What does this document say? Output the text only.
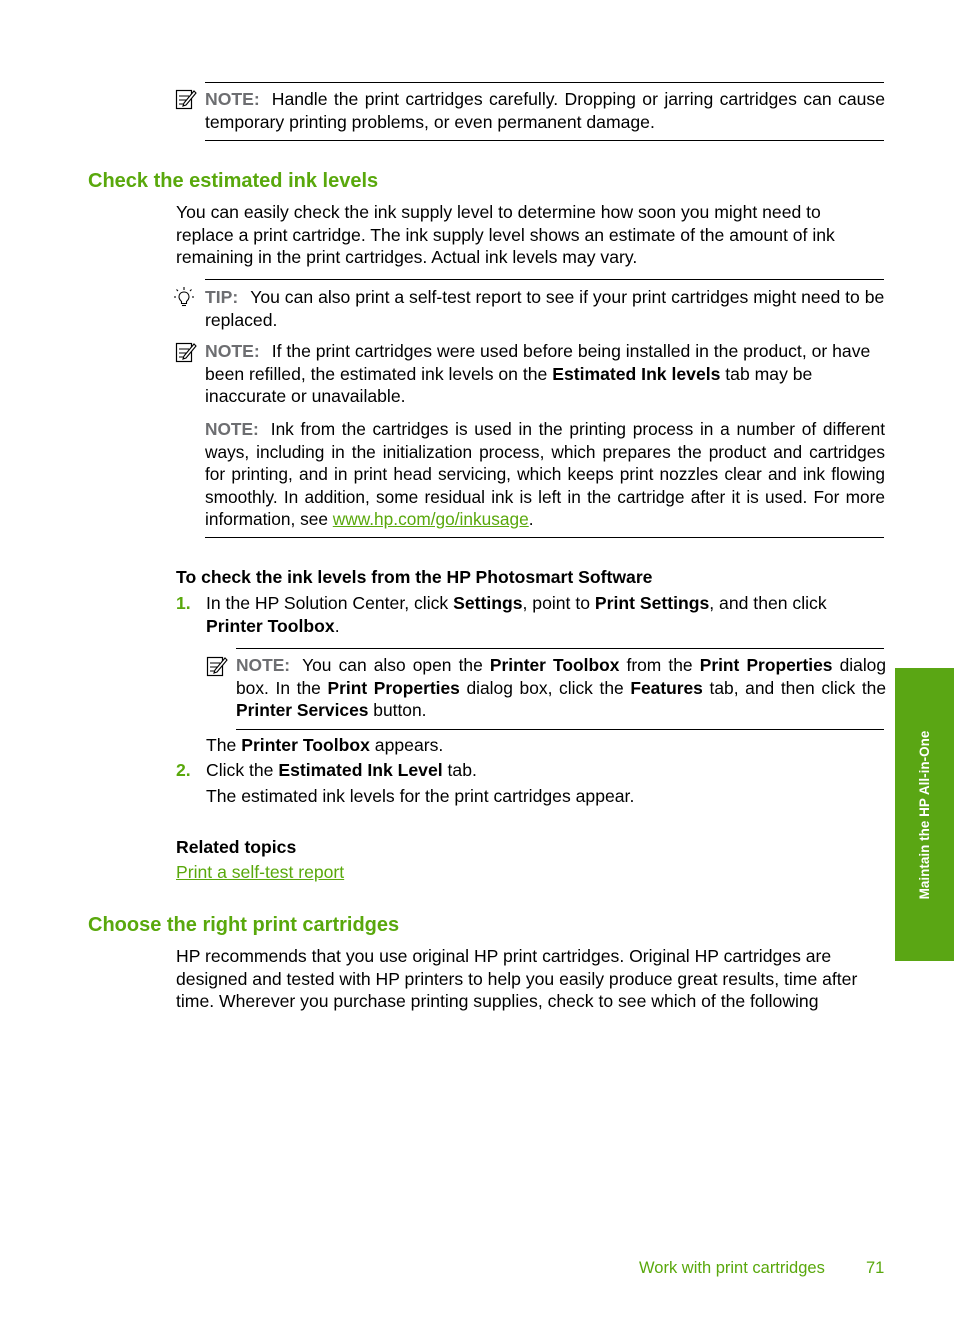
NOTE: Handle the print cartridges carefully. Dropping or jarring cartridges can cause temporary printing problems, or even permanent damage.

Check the estimated ink levels

You can easily check the ink supply level to determine how soon you might need to replace a print cartridge. The ink supply level shows an estimate of the amount of ink remaining in the print cartridges. Actual ink levels may vary.

TIP: You can also print a self-test report to see if your print cartridges might need to be replaced.

NOTE: If the print cartridges were used before being installed in the product, or have been refilled, the estimated ink levels on the Estimated Ink levels tab may be inaccurate or unavailable.

NOTE: Ink from the cartridges is used in the printing process in a number of different ways, including in the initialization process, which prepares the product and cartridges for printing, and in print head servicing, which keeps print nozzles clear and ink flowing smoothly. In addition, some residual ink is left in the cartridge after it is used. For more information, see www.hp.com/go/inkusage.

To check the ink levels from the HP Photosmart Software

1. In the HP Solution Center, click Settings, point to Print Settings, and then click
Printer Toolbox.

NOTE: You can also open the Printer Toolbox from the Print Properties dialog box. In the Print Properties dialog box, click the Features tab, and then click the Printer Services button.

The Printer Toolbox appears.

2. Click the Estimated Ink Level tab.

The estimated ink levels for the print cartridges appear.

Related topics

Print a self-test report
Choose the right print cartridges

HP recommends that you use original HP print cartridges. Original HP cartridges are designed and tested with HP printers to help you easily produce great results, time after time. Wherever you purchase printing supplies, check to see which of the following

Maintain the HP All-in-One
Work with print cartridges 71
